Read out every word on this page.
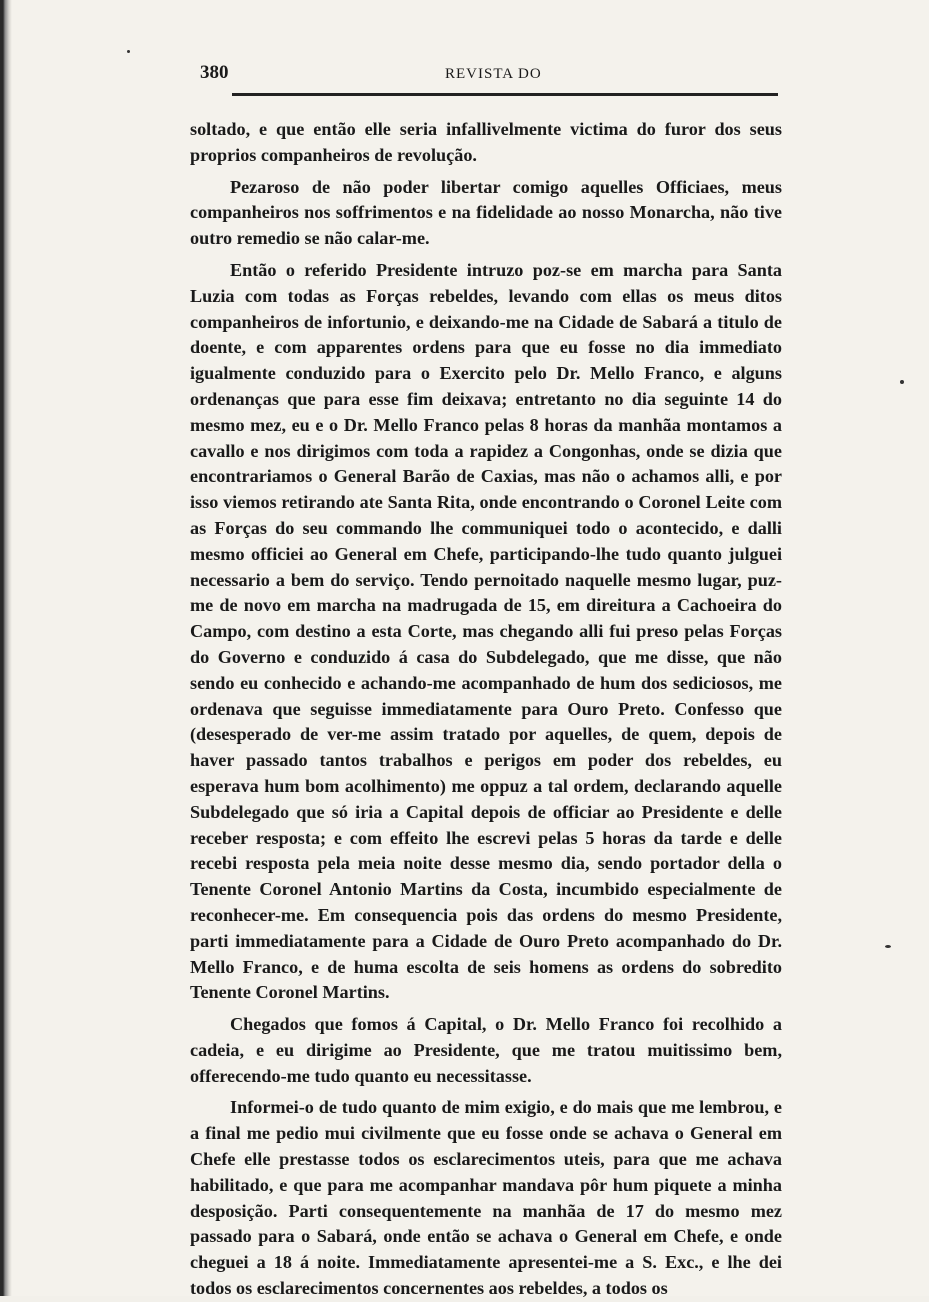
380	REVISTA DO

soltado, e que então elle seria infallivelmente victima do furor dos seus proprios companheiros de revolução.

Pezaroso de não poder libertar comigo aquelles Officiaes, meus companheiros nos soffrimentos e na fidelidade ao nosso Monarcha, não tive outro remedio se não calar-me.

Então o referido Presidente intruzo poz-se em marcha para Santa Luzia com todas as Forças rebeldes, levando com ellas os meus ditos companheiros de infortunio, e deixando-me na Cidade de Sabará a titulo de doente, e com apparentes ordens para que eu fosse no dia immediato igualmente conduzido para o Exercito pelo Dr. Mello Franco, e alguns ordenanças que para esse fim deixava; entretanto no dia seguinte 14 do mesmo mez, eu e o Dr. Mello Franco pelas 8 horas da manhãa montamos a cavallo e nos dirigimos com toda a rapidez a Congonhas, onde se dizia que encontrariamos o General Barão de Caxias, mas não o achamos alli, e por isso viemos retirando ate Santa Rita, onde encontrando o Coronel Leite com as Forças do seu commando lhe communiquei todo o acontecido, e dalli mesmo officiei ao General em Chefe, participando-lhe tudo quanto julguei necessario a bem do serviço. Tendo pernoitado naquelle mesmo lugar, puz-me de novo em marcha na madrugada de 15, em direitura a Cachoeira do Campo, com destino a esta Corte, mas chegando alli fui preso pelas Forças do Governo e conduzido á casa do Subdelegado, que me disse, que não sendo eu conhecido e achando-me acompanhado de hum dos sediciosos, me ordenava que seguisse immediatamente para Ouro Preto. Confesso que (desesperado de ver-me assim tratado por aquelles, de quem, depois de haver passado tantos trabalhos e perigos em poder dos rebeldes, eu esperava hum bom acolhimento) me oppuz a tal ordem, declarando aquelle Subdelegado que só iria a Capital depois de officiar ao Presidente e delle receber resposta; e com effeito lhe escrevi pelas 5 horas da tarde e delle recebi resposta pela meia noite desse mesmo dia, sendo portador della o Tenente Coronel Antonio Martins da Costa, incumbido especialmente de reconhecer-me. Em consequencia pois das ordens do mesmo Presidente, parti immediatamente para a Cidade de Ouro Preto acompanhado do Dr. Mello Franco, e de huma escolta de seis homens as ordens do sobredito Tenente Coronel Martins.

Chegados que fomos á Capital, o Dr. Mello Franco foi recolhido a cadeia, e eu dirigime ao Presidente, que me tratou muitissimo bem, offerecendo-me tudo quanto eu necessitasse.

Informei-o de tudo quanto de mim exigio, e do mais que me lembrou, e a final me pedio mui civilmente que eu fosse onde se achava o General em Chefe elle prestasse todos os esclarecimentos uteis, para que me achava habilitado, e que para me acompanhar mandava pôr hum piquete a minha desposição. Parti consequentemente na manhãa de 17 do mesmo mez passado para o Sabará, onde então se achava o General em Chefe, e onde cheguei a 18 á noite. Immediatamente apresentei-me a S. Exc., e lhe dei todos os esclarecimentos concernentes aos rebeldes, a todos os
